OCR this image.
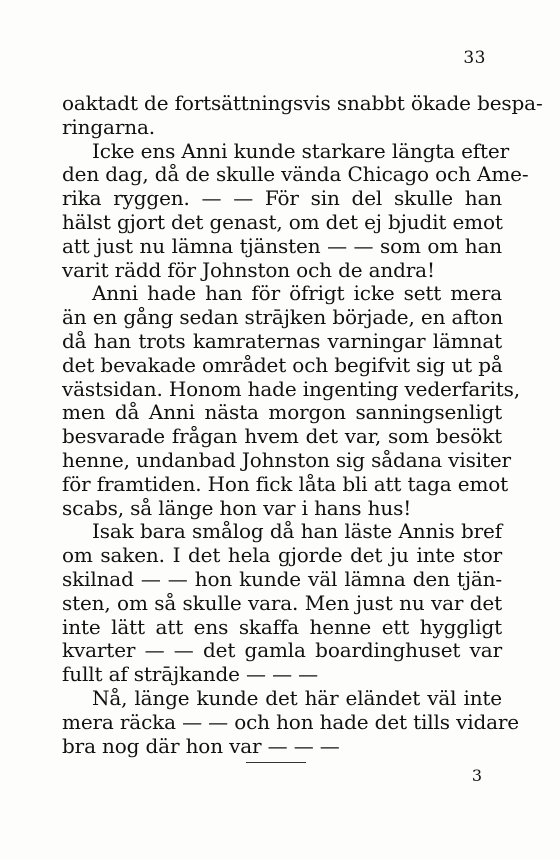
33
oaktadt de fortsättningsvis snabbt ökade bespa-
ringarna.
Icke ens Anni kunde starkare längta efter
den dag, då de skulle vända Chicago och Ame-
rika ryggen. — — För sin del skulle han
hälst gjort det genast, om det ej bjudit emot
att just nu lämna tjänsten — — som om han
varit rädd för Johnston och de andra!
Anni hade han för öfrigt icke sett mera
än en gång sedan strājken började, en afton
då han trots kamraternas varningar lämnat
det bevakade området och begifvit sig ut på
västsidan. Honom hade ingenting vederfarits,
men då Anni nästa morgon sanningsenligt
besvarade frågan hvem det var, som besökt
henne, undanbad Johnston sig sådana visiter
för framtiden. Hon fick låta bli att taga emot
scabs, så länge hon var i hans hus!
Isak bara smålog då han läste Annis bref
om saken. I det hela gjorde det ju inte stor
skilnad — — hon kunde väl lämna den tjän-
sten, om så skulle vara. Men just nu var det
inte lätt att ens skaffa henne ett hyggligt
kvarter — — det gamla boardinghuset var
fullt af strājkande — — —
Nå, länge kunde det här eländet väl inte
mera räcka — — och hon hade det tills vidare
bra nog där hon var — — —
3
